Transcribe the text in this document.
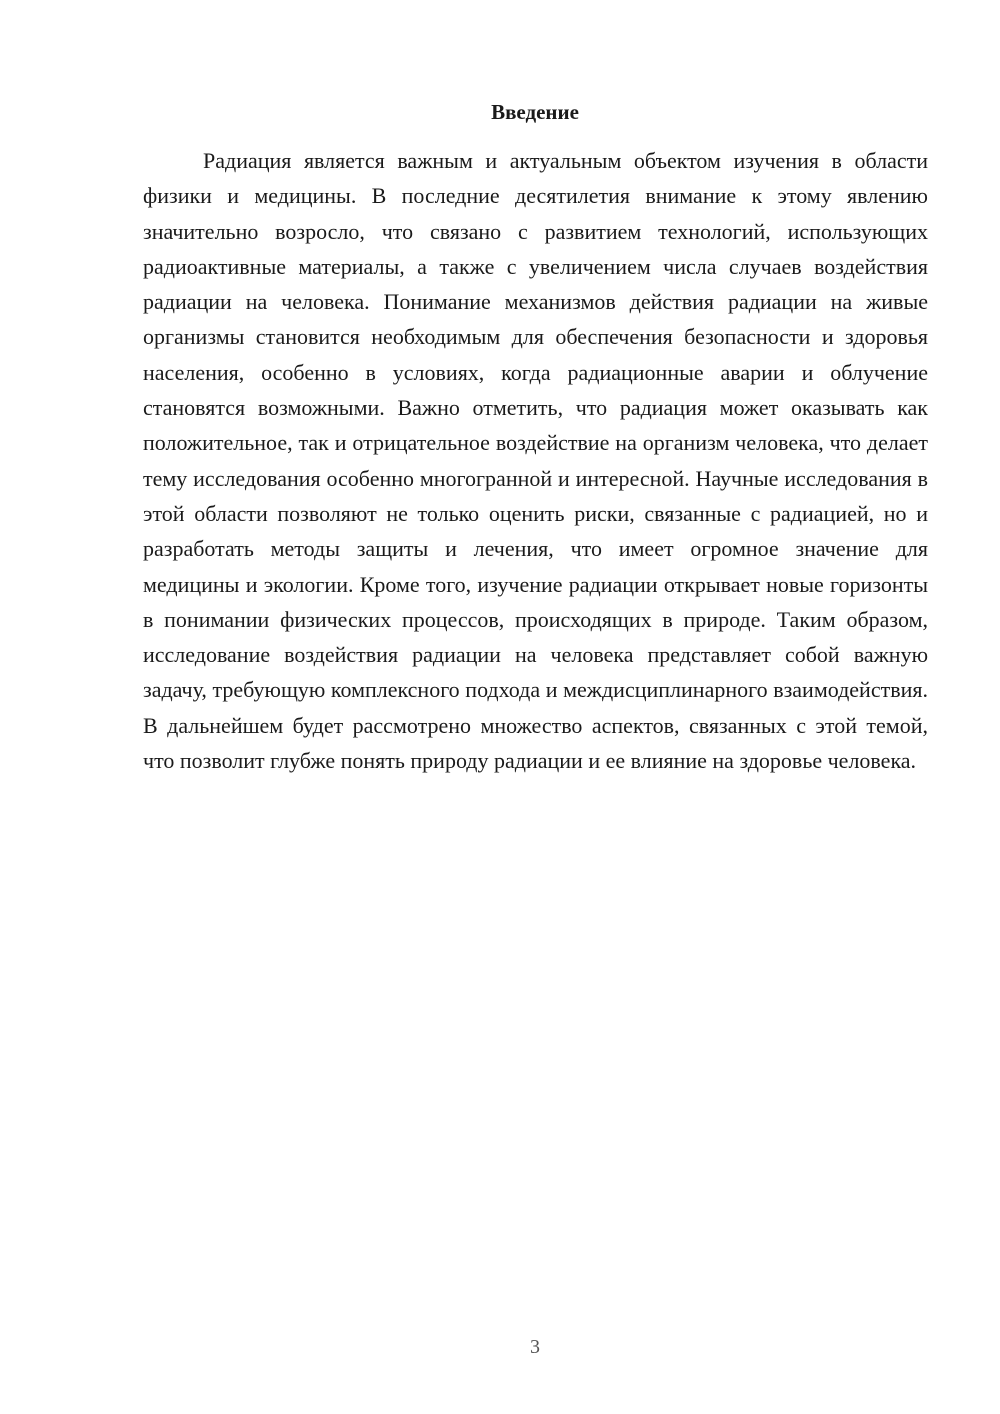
Введение

Радиация является важным и актуальным объектом изучения в области физики и медицины. В последние десятилетия внимание к этому явлению значительно возросло, что связано с развитием технологий, использующих радиоактивные материалы, а также с увеличением числа случаев воздействия радиации на человека. Понимание механизмов действия радиации на живые организмы становится необходимым для обеспечения безопасности и здоровья населения, особенно в условиях, когда радиационные аварии и облучение становятся возможными. Важно отметить, что радиация может оказывать как положительное, так и отрицательное воздействие на организм человека, что делает тему исследования особенно многогранной и интересной. Научные исследования в этой области позволяют не только оценить риски, связанные с радиацией, но и разработать методы защиты и лечения, что имеет огромное значение для медицины и экологии. Кроме того, изучение радиации открывает новые горизонты в понимании физических процессов, происходящих в природе. Таким образом, исследование воздействия радиации на человека представляет собой важную задачу, требующую комплексного подхода и междисциплинарного взаимодействия. В дальнейшем будет рассмотрено множество аспектов, связанных с этой темой, что позволит глубже понять природу радиации и ее влияние на здоровье человека.

3
